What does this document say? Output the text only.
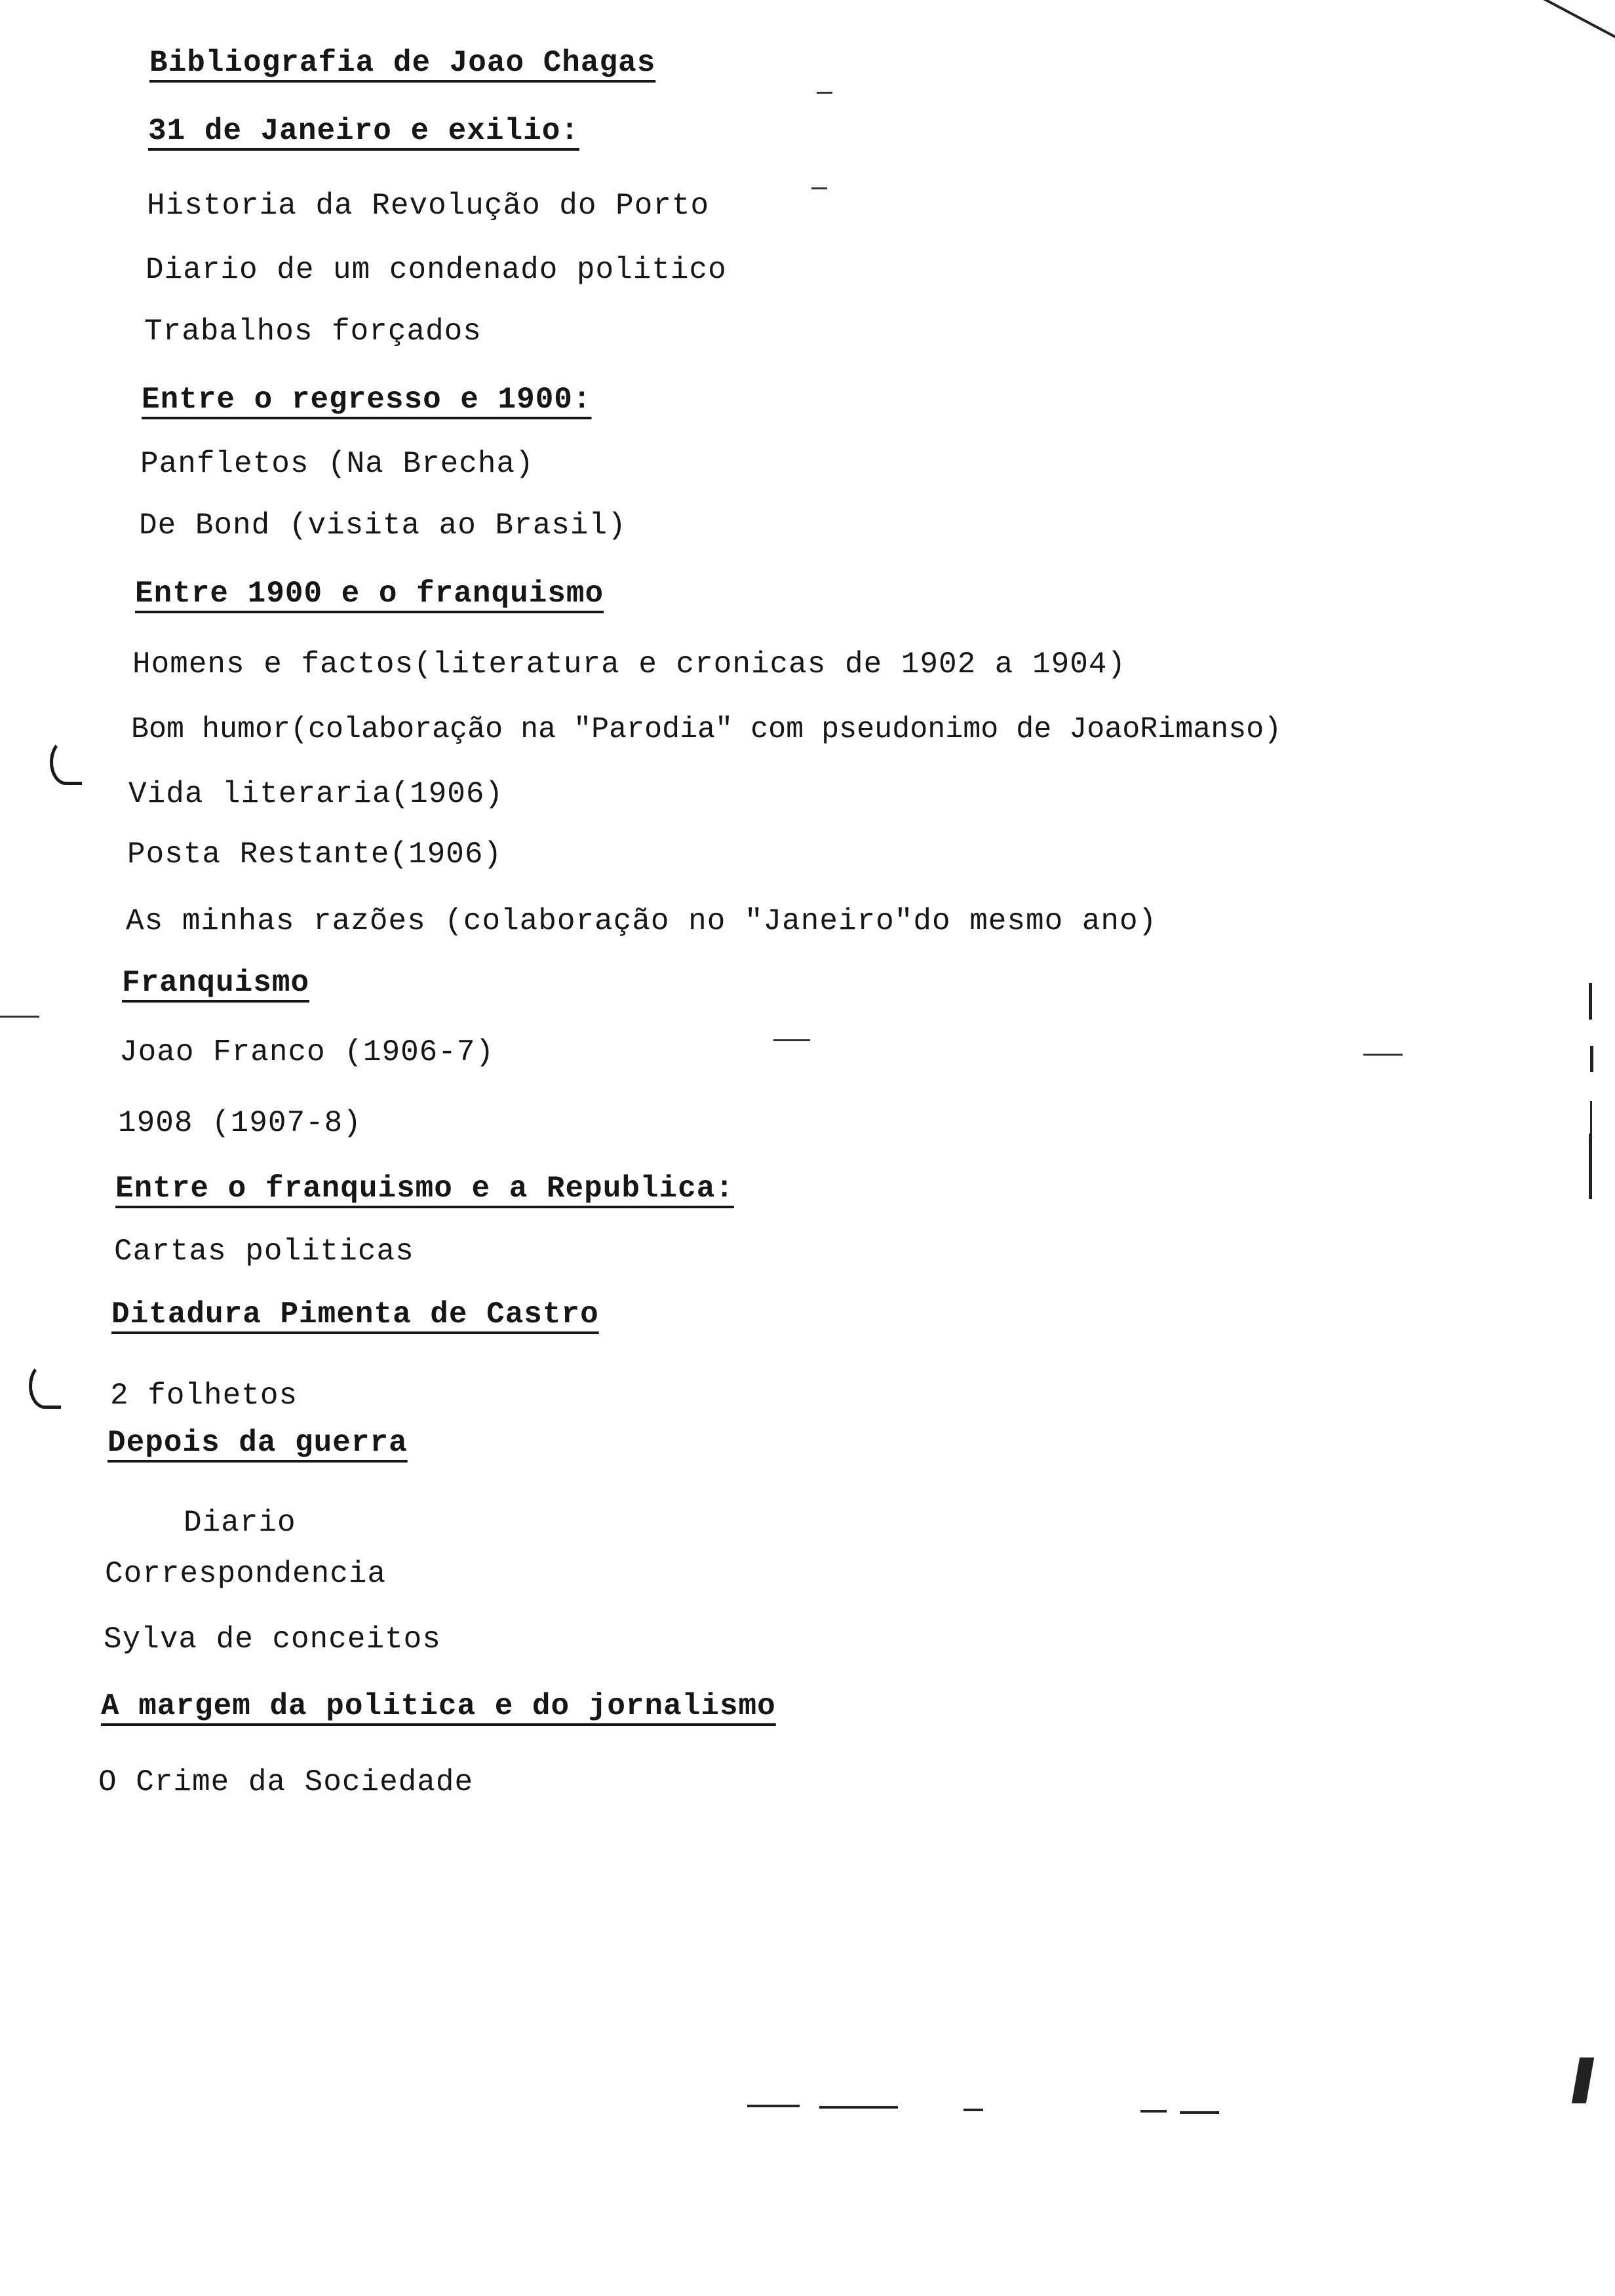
Bibliografia de Joao Chagas
31 de Janeiro e exilio:
Historia da Revolução do Porto
Diario de um condenado politico
Trabalhos forçados
Entre o regresso e 1900:
Panfletos (Na Brecha)
De Bond (visita ao Brasil)
Entre 1900 e o franquismo
Homens e factos(literatura e cronicas de 1902 a 1904)
Bom humor(colaboração na "Parodia" com pseudonimo de JoaoRimanso)
Vida literaria(1906)
Posta Restante(1906)
As minhas razões (colaboração no "Janeiro"do mesmo ano)
Franquismo
Joao Franco (1906-7)
1908 (1907-8)
Entre o franquismo e a Republica:
Cartas politicas
Ditadura Pimenta de Castro
2 folhetos
Depois da guerra
Diario
Correspondencia
Sylva de conceitos
A margem da politica e do jornalismo
O Crime da Sociedade
